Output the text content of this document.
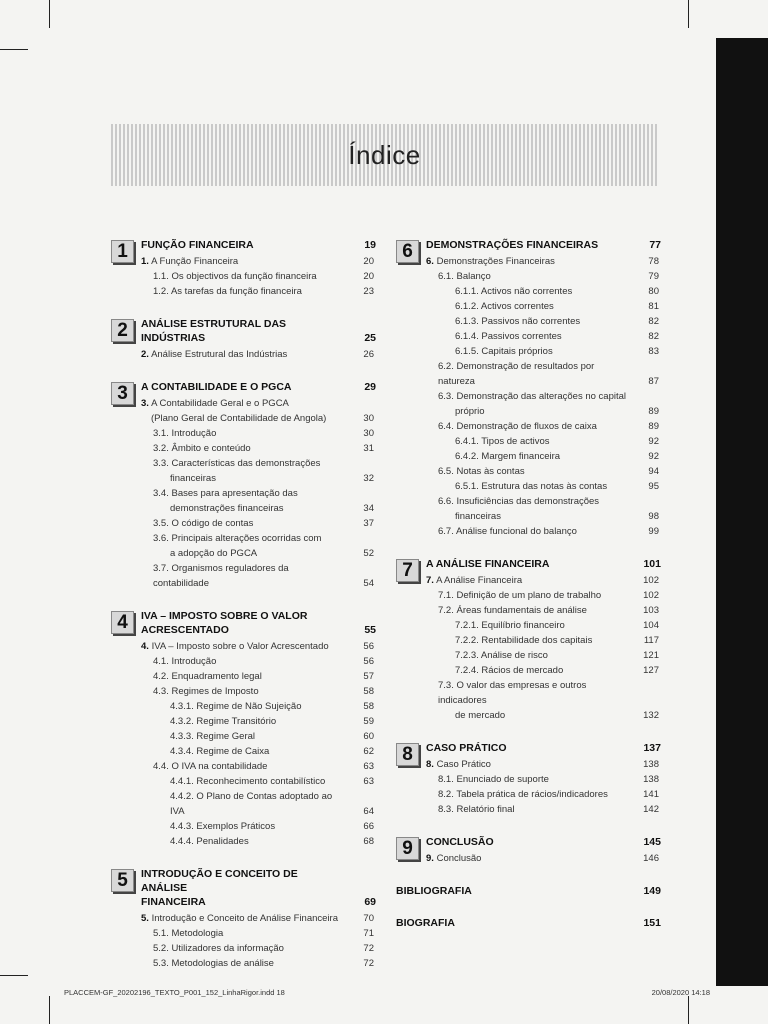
Índice
1	FUNÇÃO FINANCEIRA	19
1. A Função Financeira	20
1.1. Os objectivos da função financeira	20
1.2. As tarefas da função financeira	23
2	ANÁLISE ESTRUTURAL DAS INDÚSTRIAS	25
2. Análise Estrutural das Indústrias	26
3	A CONTABILIDADE E O PGCA	29
3. A Contabilidade Geral e o PGCA
(Plano Geral de Contabilidade de Angola)	30
3.1. Introdução	30
3.2. Âmbito e conteúdo	31
3.3. Características das demonstrações
financeiras	32
3.4. Bases para apresentação das
demonstrações financeiras	34
3.5. O código de contas	37
3.6. Principais alterações ocorridas com
a adopção do PGCA	52
3.7. Organismos reguladores da contabilidade	54
4	IVA – IMPOSTO SOBRE O VALOR
ACRESCENTADO	55
4. IVA – Imposto sobre o Valor Acrescentado	56
4.1. Introdução	56
4.2. Enquadramento legal	57
4.3. Regimes de Imposto	58
4.3.1. Regime de Não Sujeição	58
4.3.2. Regime Transitório	59
4.3.3. Regime Geral	60
4.3.4. Regime de Caixa	62
4.4. O IVA na contabilidade	63
4.4.1. Reconhecimento contabilístico	63
4.4.2. O Plano de Contas adoptado ao IVA	64
4.4.3. Exemplos Práticos	66
4.4.4. Penalidades	68
5	INTRODUÇÃO E CONCEITO DE ANÁLISE
FINANCEIRA	69
5. Introdução e Conceito de Análise Financeira	70
5.1. Metodologia	71
5.2. Utilizadores da informação	72
5.3. Metodologias de análise	72
6	DEMONSTRAÇÕES FINANCEIRAS	77
6. Demonstrações Financeiras	78
6.1. Balanço	79
6.1.1. Activos não correntes	80
6.1.2. Activos correntes	81
6.1.3. Passivos não correntes	82
6.1.4. Passivos correntes	82
6.1.5. Capitais próprios	83
6.2. Demonstração de resultados por natureza	87
6.3. Demonstração das alterações no capital
próprio	89
6.4. Demonstração de fluxos de caixa	89
6.4.1. Tipos de activos	92
6.4.2. Margem financeira	92
6.5. Notas às contas	94
6.5.1. Estrutura das notas às contas	95
6.6. Insuficiências das demonstrações
financeiras	98
6.7. Análise funcional do balanço	99
7	A ANÁLISE FINANCEIRA	101
7. A Análise Financeira	102
7.1. Definição de um plano de trabalho	102
7.2. Áreas fundamentais de análise	103
7.2.1. Equilíbrio financeiro	104
7.2.2. Rentabilidade dos capitais	117
7.2.3. Análise de risco	121
7.2.4. Rácios de mercado	127
7.3. O valor das empresas e outros indicadores
de mercado	132
8	CASO PRÁTICO	137
8. Caso Prático	138
8.1. Enunciado de suporte	138
8.2. Tabela prática de rácios/indicadores	141
8.3. Relatório final	142
9	CONCLUSÃO	145
9. Conclusão	146
BIBLIOGRAFIA	149
BIOGRAFIA	151
PLACCEM-GF_20202196_TEXTO_P001_152_LinhaRigor.indd 18	20/08/2020 14:18
